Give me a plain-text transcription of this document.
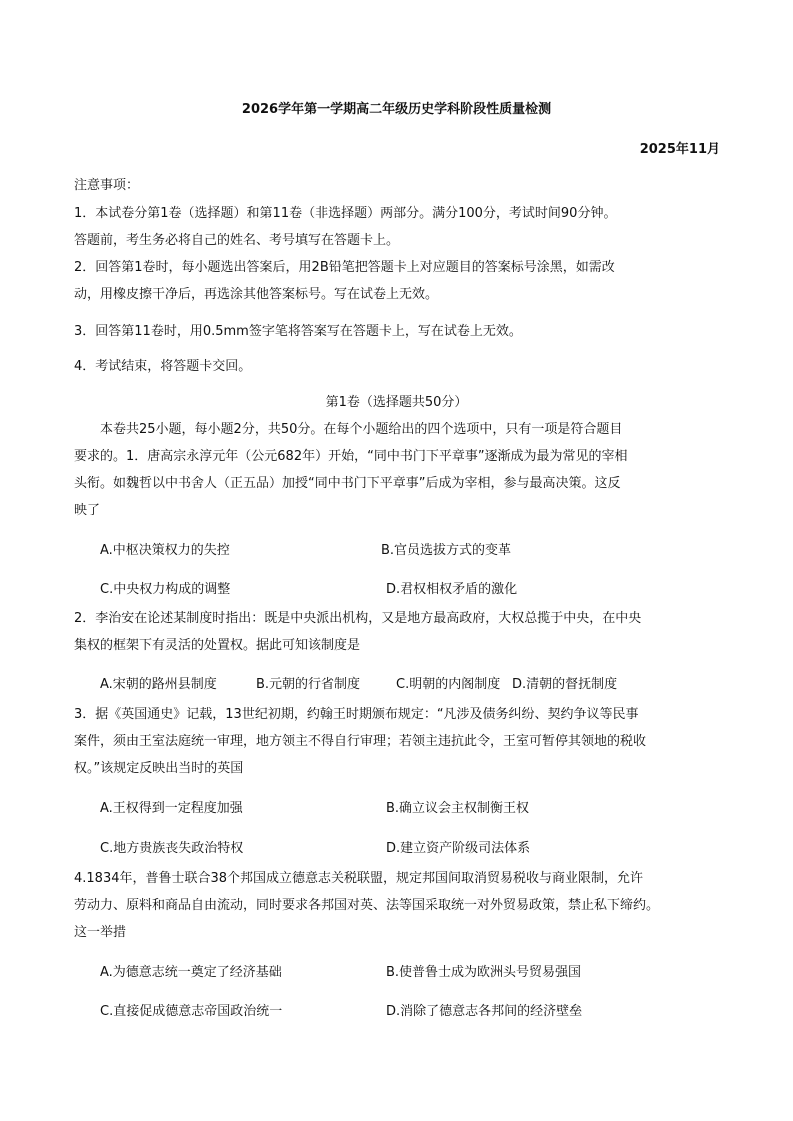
2026学年第一学期高二年级历史学科阶段性质量检测
2025年11月
注意事项：
1．本试卷分第1卷（选择题）和第11卷（非选择题）两部分。满分100分，考试时间90分钟。
答题前，考生务必将自己的姓名、考号填写在答题卡上。
2．回答第1卷时，每小题选出答案后，用2B铅笔把答题卡上对应题目的答案标号涂黑，如需改
动，用橡皮擦干净后，再选涂其他答案标号。写在试卷上无效。
3．回答第11卷时，用0.5mm签字笔将答案写在答题卡上，写在试卷上无效。
4．考试结束，将答题卡交回。
第1卷（选择题共50分）
本卷共25小题，每小题2分，共50分。在每个小题给出的四个选项中，只有一项是符合题目
要求的。1．唐高宗永淳元年（公元682年）开始，“同中书门下平章事”逐渐成为最为常见的宰相
头衔。如魏哲以中书舍人（正五品）加授“同中书门下平章事”后成为宰相，参与最高决策。这反
映了
A.中枢决策权力的失控	B.官员选拔方式的变革
C.中央权力构成的调整	D.君权相权矛盾的激化
2．李治安在论述某制度时指出：既是中央派出机构，又是地方最高政府，大权总揽于中央，在中央
集权的框架下有灵活的处置权。据此可知该制度是
A.宋朝的路州县制度	B.元朝的行省制度	C.明朝的内阁制度 D.清朝的督抚制度
3．据《英国通史》记载，13世纪初期，约翰王时期颁布规定：“凡涉及债务纠纷、契约争议等民事
案件，须由王室法庭统一审理，地方领主不得自行审理；若领主违抗此令，王室可暂停其领地的税收
权。”该规定反映出当时的英国
A.王权得到一定程度加强	B.确立议会主权制衡王权
C.地方贵族丧失政治特权	D.建立资产阶级司法体系
4.1834年，普鲁士联合38个邦国成立德意志关税联盟，规定邦国间取消贸易税收与商业限制，允许
劳动力、原料和商品自由流动，同时要求各邦国对英、法等国采取统一对外贸易政策，禁止私下缔约。
这一举措
A.为德意志统一奠定了经济基础	B.使普鲁士成为欧洲头号贸易强国
C.直接促成德意志帝国政治统一	D.消除了德意志各邦间的经济壁垒
